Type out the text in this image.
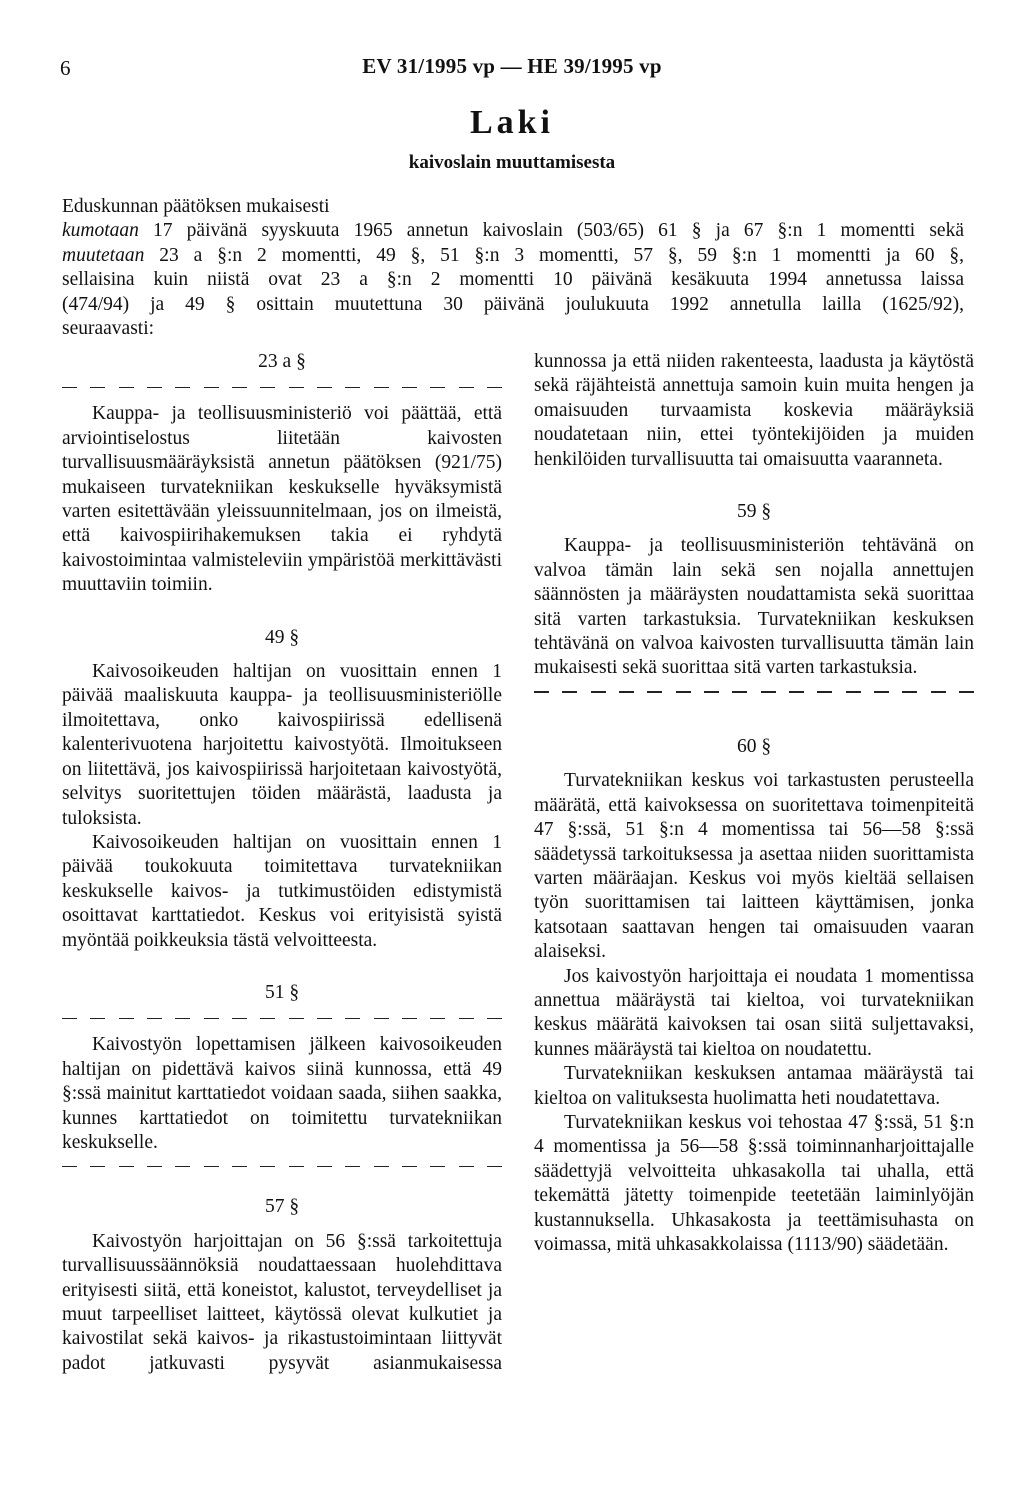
6	EV 31/1995 vp — HE 39/1995 vp
Laki
kaivoslain muuttamisesta
Eduskunnan päätöksen mukaisesti
kumotaan 17 päivänä syyskuuta 1965 annetun kaivoslain (503/65) 61 § ja 67 §:n 1 momentti sekä
muutetaan 23 a §:n 2 momentti, 49 §, 51 §:n 3 momentti, 57 §, 59 §:n 1 momentti ja 60 §,
sellaisina kuin niistä ovat 23 a §:n 2 momentti 10 päivänä kesäkuuta 1994 annetussa laissa
(474/94) ja 49 § osittain muutettuna 30 päivänä joulukuuta 1992 annetulla lailla (1625/92),
seuraavasti:
23 a §

Kauppa- ja teollisuusministeriö voi päättää, että arviointiselostus liitetään kaivosten turvallisuusmääräyksistä annetun päätöksen (921/75) mukaiseen turvatekniikan keskukselle hyväksymistä varten esitettävään yleissuunnitelmaan, jos on ilmeistä, että kaivospiirihakemuksen takia ei ryhdytä kaivostoimintaa valmisteleviin ympäristöä merkittävästi muuttaviin toimiin.

49 §

Kaivosoikeuden haltijan on vuosittain ennen 1 päivää maaliskuuta kauppa- ja teollisuusministeriölle ilmoitettava, onko kaivospiirissä edellisenä kalenterivuotena harjoitettu kaivostyötä. Ilmoitukseen on liitettävä, jos kaivospiirissä harjoitetaan kaivostyötä, selvitys suoritettujen töiden määrästä, laadusta ja tuloksista.

Kaivosoikeuden haltijan on vuosittain ennen 1 päivää toukokuuta toimitettava turvatekniikan keskukselle kaivos- ja tutkimustöiden edistymistä osoittavat karttatiedot. Keskus voi erityisistä syistä myöntää poikkeuksia tästä velvoitteesta.

51 §

Kaivostyön lopettamisen jälkeen kaivosoikeuden haltijan on pidettävä kaivos siinä kunnossa, että 49 §:ssä mainitut karttatiedot voidaan saada, siihen saakka, kunnes karttatiedot on toimitettu turvatekniikan keskukselle.

57 §

Kaivostyön harjoittajan on 56 §:ssä tarkoitettuja turvallisuussäännöksiä noudattaessaan huolehdittava erityisesti siitä, että koneistot, kalustot, terveydelliset ja muut tarpeelliset laitteet, käytössä olevat kulkutiet ja kaivostilat sekä kaivos- ja rikastustoimintaan liittyvät padot jatkuvasti pysyvät asianmukaisessa

kunnossa ja että niiden rakenteesta, laadusta ja käytöstä sekä räjähteistä annettuja samoin kuin muita hengen ja omaisuuden turvaamista koskevia määräyksiä noudatetaan niin, ettei työntekijöiden ja muiden henkilöiden turvallisuutta tai omaisuutta vaaranneta.

59 §

Kauppa- ja teollisuusministeriön tehtävänä on valvoa tämän lain sekä sen nojalla annettujen säännösten ja määräysten noudattamista sekä suorittaa sitä varten tarkastuksia. Turvatekniikan keskuksen tehtävänä on valvoa kaivosten turvallisuutta tämän lain mukaisesti sekä suorittaa sitä varten tarkastuksia.

60 §

Turvatekniikan keskus voi tarkastusten perusteella määrätä, että kaivoksessa on suoritettava toimenpiteitä 47 §:ssä, 51 §:n 4 momentissa tai 56—58 §:ssä säädetyssä tarkoituksessa ja asettaa niiden suorittamista varten määräajan. Keskus voi myös kieltää sellaisen työn suorittamisen tai laitteen käyttämisen, jonka katsotaan saattavan hengen tai omaisuuden vaaran alaiseksi.

Jos kaivostyön harjoittaja ei noudata 1 momentissa annettua määräystä tai kieltoa, voi turvatekniikan keskus määrätä kaivoksen tai osan siitä suljettavaksi, kunnes määräystä tai kieltoa on noudatettu.

Turvatekniikan keskuksen antamaa määräystä tai kieltoa on valituksesta huolimatta heti noudatettava.

Turvatekniikan keskus voi tehostaa 47 §:ssä, 51 §:n 4 momentissa ja 56—58 §:ssä toiminnanharjoittajalle säädettyjä velvoitteita uhkasakolla tai uhalla, että tekemättä jätetty toimenpide teetetään laiminlyöjän kustannuksella. Uhkasakosta ja teettämisuhasta on voimassa, mitä uhkasakkolaissa (1113/90) säädetään.
